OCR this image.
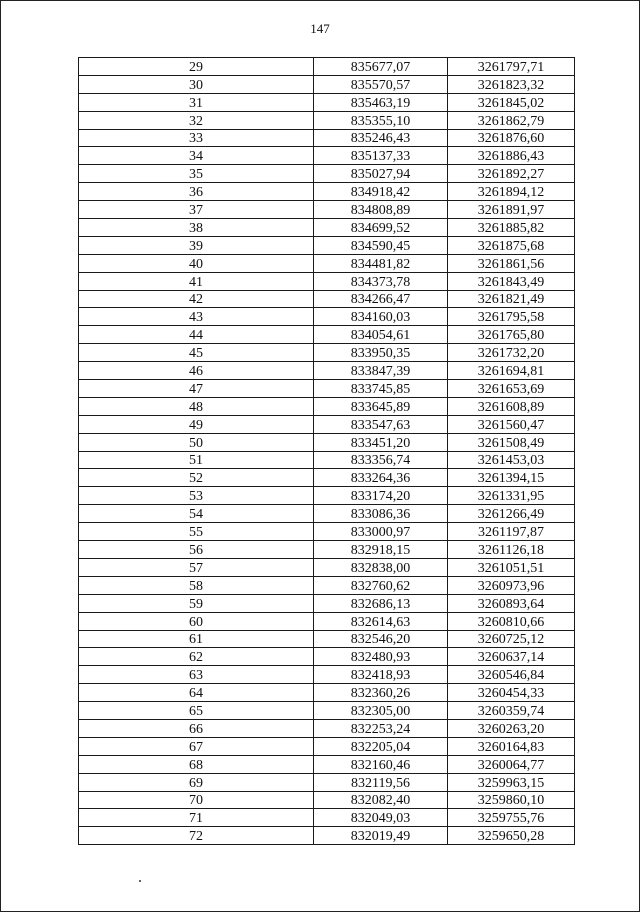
147
29	835677,07	3261797,71
30	835570,57	3261823,32
31	835463,19	3261845,02
32	835355,10	3261862,79
33	835246,43	3261876,60
34	835137,33	3261886,43
35	835027,94	3261892,27
36	834918,42	3261894,12
37	834808,89	3261891,97
38	834699,52	3261885,82
39	834590,45	3261875,68
40	834481,82	3261861,56
41	834373,78	3261843,49
42	834266,47	3261821,49
43	834160,03	3261795,58
44	834054,61	3261765,80
45	833950,35	3261732,20
46	833847,39	3261694,81
47	833745,85	3261653,69
48	833645,89	3261608,89
49	833547,63	3261560,47
50	833451,20	3261508,49
51	833356,74	3261453,03
52	833264,36	3261394,15
53	833174,20	3261331,95
54	833086,36	3261266,49
55	833000,97	3261197,87
56	832918,15	3261126,18
57	832838,00	3261051,51
58	832760,62	3260973,96
59	832686,13	3260893,64
60	832614,63	3260810,66
61	832546,20	3260725,12
62	832480,93	3260637,14
63	832418,93	3260546,84
64	832360,26	3260454,33
65	832305,00	3260359,74
66	832253,24	3260263,20
67	832205,04	3260164,83
68	832160,46	3260064,77
69	832119,56	3259963,15
70	832082,40	3259860,10
71	832049,03	3259755,76
72	832019,49	3259650,28
